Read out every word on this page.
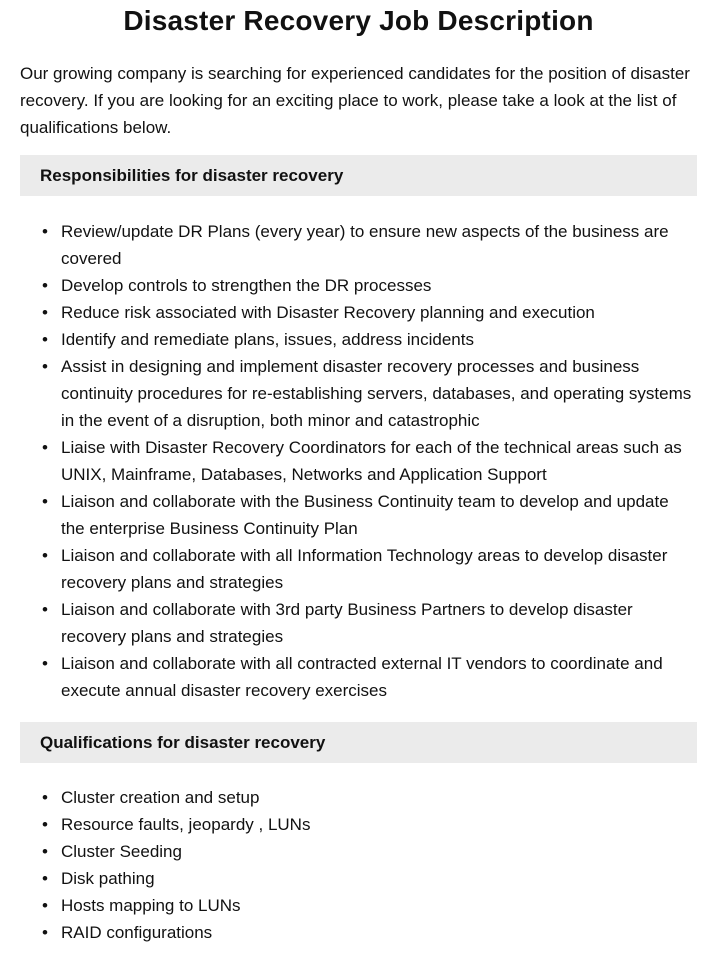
Disaster Recovery Job Description

Our growing company is searching for experienced candidates for the position of disaster recovery. If you are looking for an exciting place to work, please take a look at the list of qualifications below.

Responsibilities for disaster recovery
• Review/update DR Plans (every year) to ensure new aspects of the business are covered
• Develop controls to strengthen the DR processes
• Reduce risk associated with Disaster Recovery planning and execution
• Identify and remediate plans, issues, address incidents
• Assist in designing and implement disaster recovery processes and business continuity procedures for re-establishing servers, databases, and operating systems in the event of a disruption, both minor and catastrophic
• Liaise with Disaster Recovery Coordinators for each of the technical areas such as UNIX, Mainframe, Databases, Networks and Application Support
• Liaison and collaborate with the Business Continuity team to develop and update the enterprise Business Continuity Plan
• Liaison and collaborate with all Information Technology areas to develop disaster recovery plans and strategies
• Liaison and collaborate with 3rd party Business Partners to develop disaster recovery plans and strategies
• Liaison and collaborate with all contracted external IT vendors to coordinate and execute annual disaster recovery exercises
Qualifications for disaster recovery
• Cluster creation and setup
• Resource faults, jeopardy , LUNs
• Cluster Seeding
• Disk pathing
• Hosts mapping to LUNs
• RAID configurations
